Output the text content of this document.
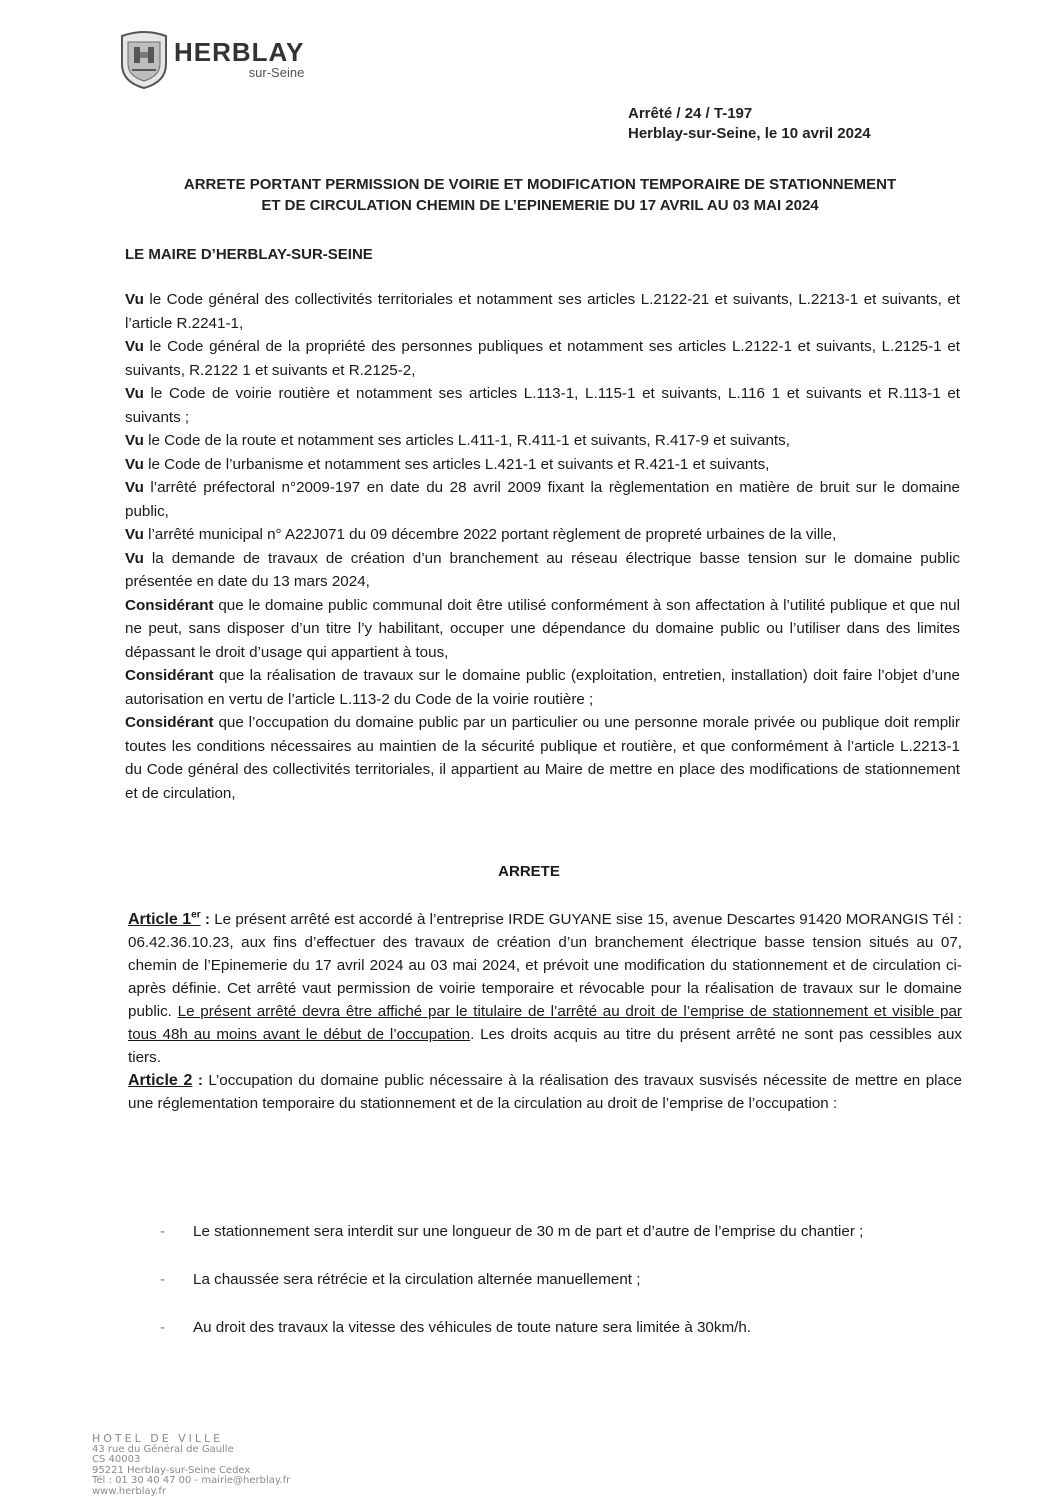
HERBLAY
sur-Seine
Arrêté / 24 / T-197
Herblay-sur-Seine, le 10 avril 2024
ARRETE PORTANT PERMISSION DE VOIRIE ET MODIFICATION TEMPORAIRE DE STATIONNEMENT
ET DE CIRCULATION CHEMIN DE L’EPINEMERIE DU 17 AVRIL AU 03 MAI 2024
LE MAIRE D’HERBLAY-SUR-SEINE

Vu le Code général des collectivités territoriales et notamment ses articles L.2122-21 et suivants, L.2213-1 et suivants, et l’article R.2241-1,

Vu le Code général de la propriété des personnes publiques et notamment ses articles L.2122-1 et suivants, L.2125-1 et suivants, R.2122 1 et suivants et R.2125-2,

Vu le Code de voirie routière et notamment ses articles L.113-1, L.115-1 et suivants, L.116 1 et suivants et R.113-1 et suivants ;

Vu le Code de la route et notamment ses articles L.411-1, R.411-1 et suivants, R.417-9 et suivants,

Vu le Code de l’urbanisme et notamment ses articles L.421-1 et suivants et R.421-1 et suivants,

Vu l’arrêté préfectoral n°2009-197 en date du 28 avril 2009 fixant la règlementation en matière de bruit sur le domaine public,

Vu l’arrêté municipal n° A22J071 du 09 décembre 2022 portant règlement de propreté urbaines de la ville,

Vu la demande de travaux de création d’un branchement au réseau électrique basse tension sur le domaine public présentée en date du 13 mars 2024,

Considérant que le domaine public communal doit être utilisé conformément à son affectation à l’utilité publique et que nul ne peut, sans disposer d’un titre l’y habilitant, occuper une dépendance du domaine public ou l’utiliser dans des limites dépassant le droit d’usage qui appartient à tous,

Considérant que la réalisation de travaux sur le domaine public (exploitation, entretien, installation) doit faire l’objet d’une autorisation en vertu de l’article L.113-2 du Code de la voirie routière ;

Considérant que l’occupation du domaine public par un particulier ou une personne morale privée ou publique doit remplir toutes les conditions nécessaires au maintien de la sécurité publique et routière, et que conformément à l’article L.2213-1 du Code général des collectivités territoriales, il appartient au Maire de mettre en place des modifications de stationnement et de circulation,

ARRETE

Article 1er : Le présent arrêté est accordé à l’entreprise IRDE GUYANE sise 15, avenue Descartes 91420 MORANGIS Tél : 06.42.36.10.23, aux fins d’effectuer des travaux de création d’un branchement électrique basse tension situés au 07, chemin de l’Epinemerie du 17 avril 2024 au 03 mai 2024, et prévoit une modification du stationnement et de circulation ci-après définie. Cet arrêté vaut permission de voirie temporaire et révocable pour la réalisation de travaux sur le domaine public. Le présent arrêté devra être affiché par le titulaire de l’arrêté au droit de l’emprise de stationnement et visible par tous 48h au moins avant le début de l’occupation. Les droits acquis au titre du présent arrêté ne sont pas cessibles aux tiers.

Article 2 : L’occupation du domaine public nécessaire à la réalisation des travaux susvisés nécessite de mettre en place une réglementation temporaire du stationnement et de la circulation au droit de l’emprise de l’occupation :

-	Le stationnement sera interdit sur une longueur de 30 m de part et d’autre de l’emprise du chantier ;
-	La chaussée sera rétrécie et la circulation alternée manuellement ;
-	Au droit des travaux la vitesse des véhicules de toute nature sera limitée à 30km/h.
HOTEL DE VILLE
43 rue du Général de Gaulle
CS 40003
95221 Herblay-sur-Seine Cedex
Tél : 01 30 40 47 00 - mairie@herblay.fr
www.herblay.fr
